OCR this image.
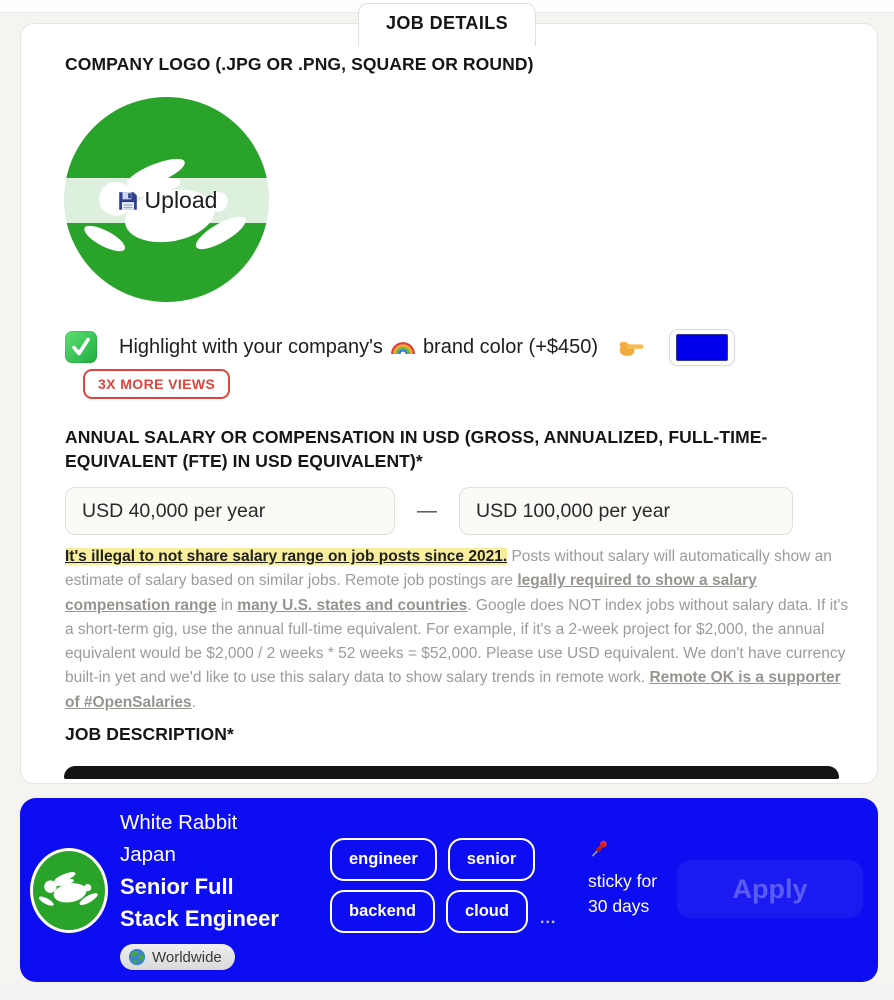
JOB DETAILS
COMPANY LOGO (.JPG OR .PNG, SQUARE OR ROUND)
Upload
Highlight with your company's brand color (+$450)
3X MORE VIEWS
ANNUAL SALARY OR COMPENSATION IN USD (GROSS, ANNUALIZED, FULL-TIME-EQUIVALENT (FTE) IN USD EQUIVALENT)*
USD 40,000 per year
—
USD 100,000 per year
It's illegal to not share salary range on job posts since 2021. Posts without salary will automatically show an estimate of salary based on similar jobs. Remote job postings are legally required to show a salary compensation range in many U.S. states and countries. Google does NOT index jobs without salary data. If it's a short-term gig, use the annual full-time equivalent. For example, if it's a 2-week project for $2,000, the annual equivalent would be $2,000 / 2 weeks * 52 weeks = $52,000. Please use USD equivalent. We don't have currency built-in yet and we'd like to use this salary data to show salary trends in remote work. Remote OK is a supporter of #OpenSalaries.
JOB DESCRIPTION*
White Rabbit Japan
Senior Full Stack Engineer
Worldwide
engineer	senior
backend	cloud	...
sticky for 30 days
Apply
